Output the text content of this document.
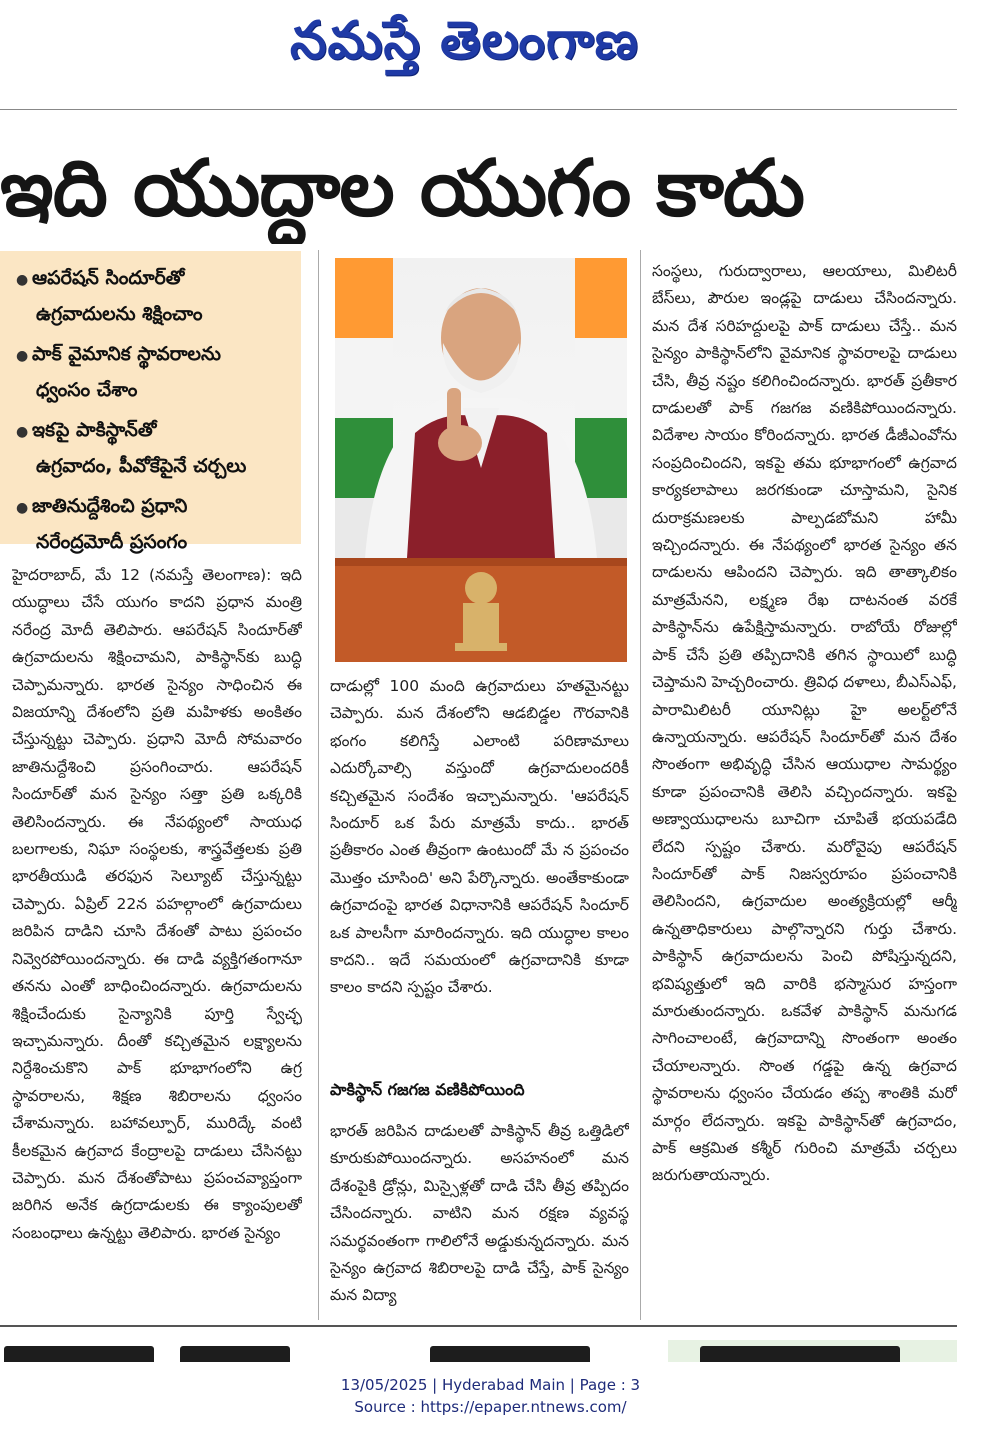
నమస్తే తెలంగాణ
ఇది యుద్ధాల యుగం కాదు
● ఆపరేషన్ సిందూర్‌తో
ఉగ్రవాదులను శిక్షించాం
● పాక్ వైమానిక స్థావరాలను
ధ్వంసం చేశాం
● ఇకపై పాకిస్థాన్‌తో
ఉగ్రవాదం, పీవోకేపైనే చర్చలు
● జాతినుద్దేశించి ప్రధాని
నరేంద్రమోదీ ప్రసంగం
హైదరాబాద్, మే 12 (నమస్తే తెలంగాణ): ఇది యుద్ధాలు చేసే యుగం కాదని ప్రధాన మంత్రి నరేంద్ర మోదీ తెలిపారు. ఆపరేషన్ సిందూర్‌తో ఉగ్రవాదులను శిక్షించామని, పాకిస్థాన్‌కు బుద్ధి చెప్పామన్నారు. భారత సైన్యం సాధించిన ఈ విజయాన్ని దేశంలోని ప్రతి మహిళకు అంకితం చేస్తున్నట్టు చెప్పారు. ప్రధాని మోదీ సోమవారం జాతినుద్దేశించి ప్రసంగించారు. ఆపరేషన్ సిందూర్‌తో మన సైన్యం సత్తా ప్రతి ఒక్కరికి తెలిసిందన్నారు. ఈ నేపథ్యంలో సాయుధ బలగాలకు, నిఘా సంస్థలకు, శాస్త్రవేత్తలకు ప్రతి భారతీయుడి తరఫున సెల్యూట్ చేస్తున్నట్టు చెప్పారు. ఏప్రిల్ 22న పహల్గాంలో ఉగ్రవాదులు జరిపిన దాడిని చూసి దేశంతో పాటు ప్రపంచం నివ్వెరపోయిందన్నారు. ఈ దాడి వ్యక్తిగతంగానూ తనను ఎంతో బాధించిందన్నారు. ఉగ్రవాదులను శిక్షించేందుకు సైన్యానికి పూర్తి స్వేచ్ఛ ఇచ్చామన్నారు. దీంతో కచ్చితమైన లక్ష్యాలను నిర్దేశించుకొని పాక్ భూభాగంలోని ఉగ్ర స్థావరాలను, శిక్షణ శిబిరాలను ధ్వంసం చేశామన్నారు. బహావల్పూర్, మురిద్కే వంటి కీలకమైన ఉగ్రవాద కేంద్రాలపై దాడులు చేసినట్టు చెప్పారు. మన దేశంతోపాటు ప్రపంచవ్యాప్తంగా జరిగిన అనేక ఉగ్రదాడులకు ఈ క్యాంపులతో సంబంధాలు ఉన్నట్టు తెలిపారు. భారత సైన్యం
దాడుల్లో 100 మంది ఉగ్రవాదులు హతమైనట్టు చెప్పారు. మన దేశంలోని ఆడబిడ్డల గౌరవానికి భంగం కలిగిస్తే ఎలాంటి పరిణామాలు ఎదుర్కోవాల్సి వస్తుందో ఉగ్రవాదులందరికీ కచ్చితమైన సందేశం ఇచ్చామన్నారు. 'ఆపరేషన్ సిందూర్ ఒక పేరు మాత్రమే కాదు.. భారత్ ప్రతీకారం ఎంత తీవ్రంగా ఉంటుందో మే న ప్రపంచం మొత్తం చూసింది' అని పేర్కొన్నారు. అంతేకాకుండా ఉగ్రవాదంపై భారత విధానానికి ఆపరేషన్ సిందూర్ ఒక పాలసీగా మారిందన్నారు. ఇది యుద్ధాల కాలం కాదని.. ఇదే సమయంలో ఉగ్రవాదానికి కూడా కాలం కాదని స్పష్టం చేశారు.
పాకిస్థాన్ గజగజ వణికిపోయింది
భారత్ జరిపిన దాడులతో పాకిస్థాన్ తీవ్ర ఒత్తిడిలో కూరుకుపోయిందన్నారు. అసహనంలో మన దేశంపైకి డ్రోన్లు, మిస్సైళ్లతో దాడి చేసి తీవ్ర తప్పిదం చేసిందన్నారు. వాటిని మన రక్షణ వ్యవస్థ సమర్థవంతంగా గాలిలోనే అడ్డుకున్నదన్నారు. మన సైన్యం ఉగ్రవాద శిబిరాలపై దాడి చేస్తే, పాక్ సైన్యం మన విద్యా
సంస్థలు, గురుద్వారాలు, ఆలయాలు, మిలిటరీ బేస్‌లు, పౌరుల ఇండ్లపై దాడులు చేసిందన్నారు. మన దేశ సరిహద్దులపై పాక్ దాడులు చేస్తే.. మన సైన్యం పాకిస్థాన్‌లోని వైమానిక స్థావరాలపై దాడులు చేసి, తీవ్ర నష్టం కలిగించిందన్నారు. భారత్ ప్రతీకార దాడులతో పాక్ గజగజ వణికిపోయిందన్నారు. విదేశాల సాయం కోరిందన్నారు. భారత డీజీఎంవోను సంప్రదించిందని, ఇకపై తమ భూభాగంలో ఉగ్రవాద కార్యకలాపాలు జరగకుండా చూస్తామని, సైనిక దురాక్రమణలకు పాల్పడబోమని హామీ ఇచ్చిందన్నారు. ఈ నేపథ్యంలో భారత సైన్యం తన దాడులను ఆపిందని చెప్పారు. ఇది తాత్కాలికం మాత్రమేనని, లక్ష్మణ రేఖ దాటనంత వరకే పాకిస్థాన్‌ను ఉపేక్షిస్తామన్నారు. రాబోయే రోజుల్లో పాక్ చేసే ప్రతి తప్పిదానికి తగిన స్థాయిలో బుద్ధి చెప్తామని హెచ్చరించారు. త్రివిధ దళాలు, బీఎస్‌ఎఫ్, పారామిలిటరీ యూనిట్లు హై అలర్ట్‌లోనే ఉన్నాయన్నారు. ఆపరేషన్ సిందూర్‌తో మన దేశం సొంతంగా అభివృద్ధి చేసిన ఆయుధాల సామర్థ్యం కూడా ప్రపంచానికి తెలిసి వచ్చిందన్నారు. ఇకపై అణ్వాయుధాలను బూచిగా చూపితే భయపడేది లేదని స్పష్టం చేశారు. మరోవైపు ఆపరేషన్ సిందూర్‌తో పాక్ నిజస్వరూపం ప్రపంచానికి తెలిసిందని, ఉగ్రవాదుల అంత్యక్రియల్లో ఆర్మీ ఉన్నతాధికారులు పాల్గొన్నారని గుర్తు చేశారు. పాకిస్థాన్ ఉగ్రవాదులను పెంచి పోషిస్తున్నదని, భవిష్యత్తులో ఇది వారికి భస్మాసుర హస్తంగా మారుతుందన్నారు. ఒకవేళ పాకిస్థాన్ మనుగడ సాగించాలంటే, ఉగ్రవాదాన్ని సొంతంగా అంతం చేయాలన్నారు. సొంత గడ్డపై ఉన్న ఉగ్రవాద స్థావరాలను ధ్వంసం చేయడం తప్ప శాంతికి మరో మార్గం లేదన్నారు. ఇకపై పాకిస్థాన్‌తో ఉగ్రవాదం, పాక్ ఆక్రమిత కశ్మీర్ గురించి మాత్రమే చర్చలు జరుగుతాయన్నారు.
13/05/2025 | Hyderabad Main | Page : 3
Source : https://epaper.ntnews.com/
